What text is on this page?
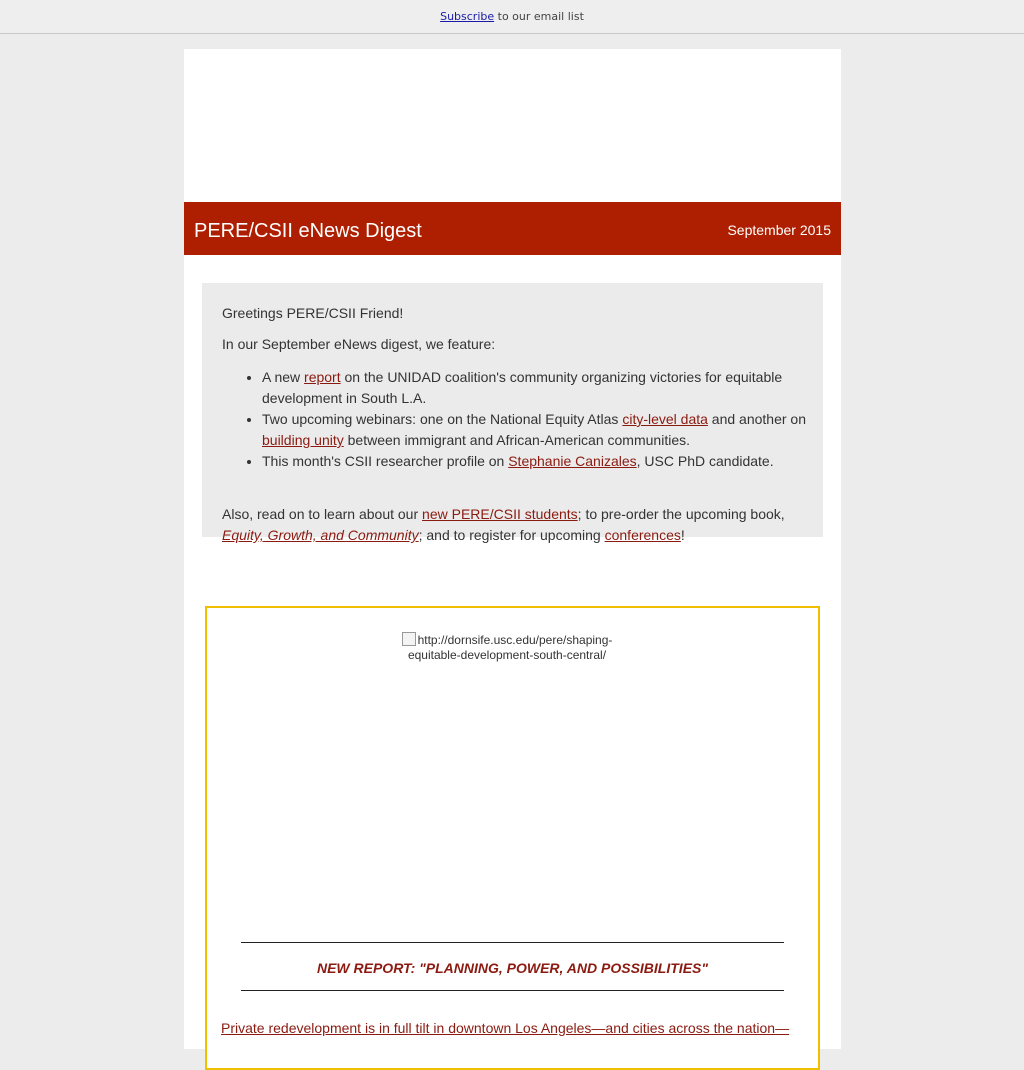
Subscribe to our email list
PERE/CSII eNews Digest	September 2015

Greetings PERE/CSII Friend!

In our September eNews digest, we feature:

• A new report on the UNIDAD coalition's community organizing victories for equitable development in South L.A.
• Two upcoming webinars: one on the National Equity Atlas city-level data and another on building unity between immigrant and African-American communities.
• This month's CSII researcher profile on Stephanie Canizales, USC PhD candidate.

Also, read on to learn about our new PERE/CSII students; to pre-order the upcoming book, Equity, Growth, and Community; and to register for upcoming conferences!

http://dornsife.usc.edu/pere/shaping-equitable-development-south-central/
NEW REPORT: "PLANNING, POWER, AND POSSIBILITIES"
Private redevelopment is in full tilt in downtown Los Angeles—and cities across the nation—
